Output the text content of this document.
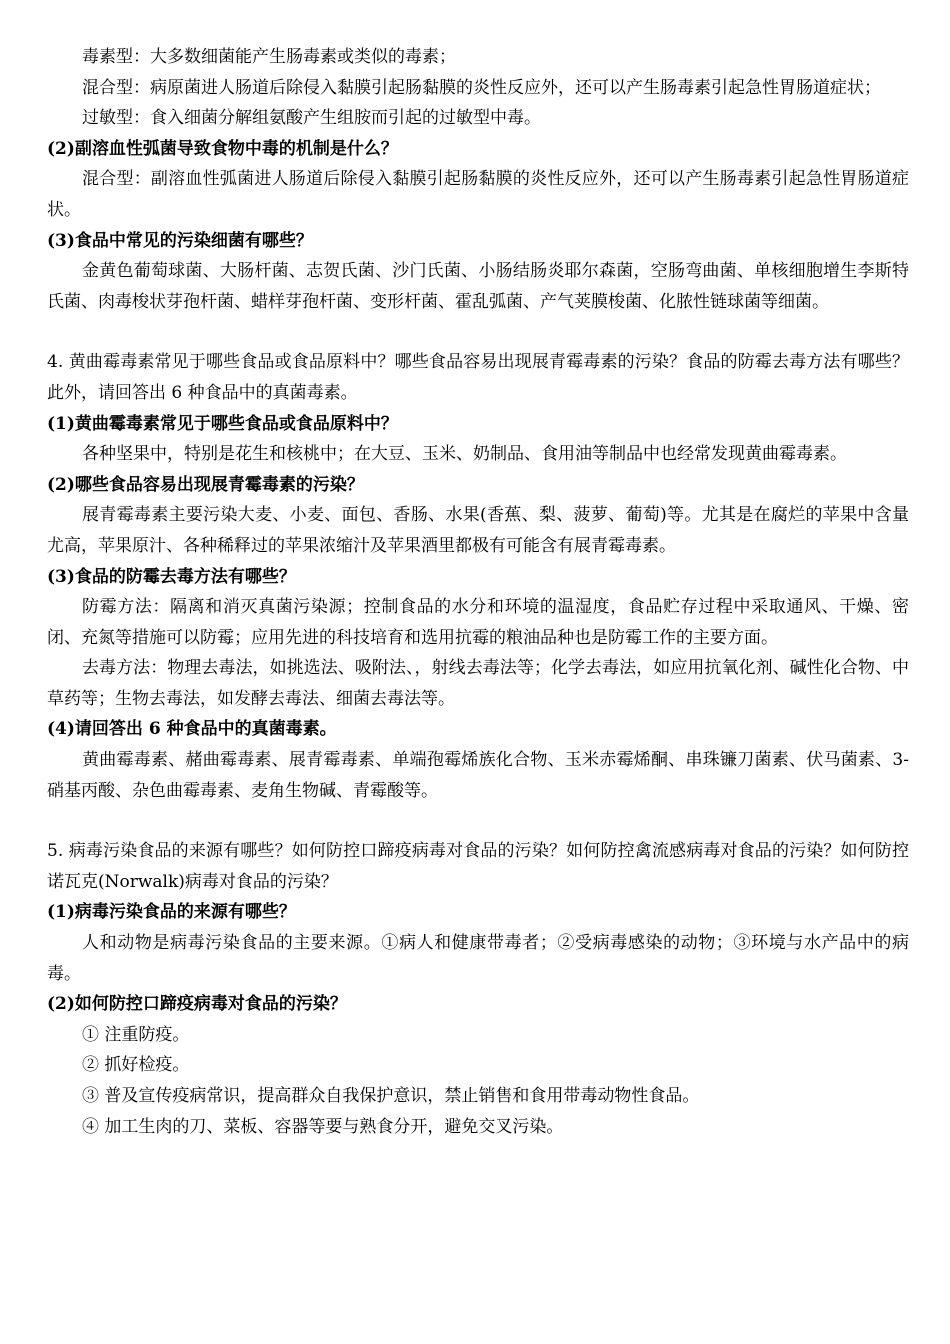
毒素型：大多数细菌能产生肠毒素或类似的毒素；

混合型：病原菌进人肠道后除侵入黏膜引起肠黏膜的炎性反应外，还可以产生肠毒素引起急性胃肠道症状；

过敏型：食入细菌分解组氨酸产生组胺而引起的过敏型中毒。

(2)副溶血性弧菌导致食物中毒的机制是什么？

混合型：副溶血性弧菌进人肠道后除侵入黏膜引起肠黏膜的炎性反应外，还可以产生肠毒素引起急性胃肠道症状。

(3)食品中常见的污染细菌有哪些？

金黄色葡萄球菌、大肠杆菌、志贺氏菌、沙门氏菌、小肠结肠炎耶尔森菌，空肠弯曲菌、单核细胞增生李斯特氏菌、肉毒梭状芽孢杆菌、蜡样芽孢杆菌、变形杆菌、霍乱弧菌、产气荚膜梭菌、化脓性链球菌等细菌。

4. 黄曲霉毒素常见于哪些食品或食品原料中？哪些食品容易出现展青霉毒素的污染？食品的防霉去毒方法有哪些？此外，请回答出 6 种食品中的真菌毒素。

(1)黄曲霉毒素常见于哪些食品或食品原料中？

各种坚果中，特别是花生和核桃中；在大豆、玉米、奶制品、食用油等制品中也经常发现黄曲霉毒素。

(2)哪些食品容易出现展青霉毒素的污染？

展青霉毒素主要污染大麦、小麦、面包、香肠、水果(香蕉、梨、菠萝、葡萄)等。尤其是在腐烂的苹果中含量尤高，苹果原汁、各种稀释过的苹果浓缩汁及苹果酒里都极有可能含有展青霉毒素。

(3)食品的防霉去毒方法有哪些？

防霉方法：隔离和消灭真菌污染源；控制食品的水分和环境的温湿度，食品贮存过程中采取通风、干燥、密闭、充氮等措施可以防霉；应用先进的科技培育和选用抗霉的粮油品种也是防霉工作的主要方面。

去毒方法：物理去毒法，如挑选法、吸附法、，射线去毒法等；化学去毒法，如应用抗氧化剂、碱性化合物、中草药等；生物去毒法，如发酵去毒法、细菌去毒法等。

(4)请回答出 6 种食品中的真菌毒素。

黄曲霉毒素、赭曲霉毒素、展青霉毒素、单端孢霉烯族化合物、玉米赤霉烯酮、串珠镰刀菌素、伏马菌素、3-硝基丙酸、杂色曲霉毒素、麦角生物碱、青霉酸等。

5. 病毒污染食品的来源有哪些？如何防控口蹄疫病毒对食品的污染？如何防控禽流感病毒对食品的污染？如何防控诺瓦克(Norwalk)病毒对食品的污染？

(1)病毒污染食品的来源有哪些？

人和动物是病毒污染食品的主要来源。①病人和健康带毒者；②受病毒感染的动物；③环境与水产品中的病毒。

(2)如何防控口蹄疫病毒对食品的污染？

① 注重防疫。

② 抓好检疫。

③ 普及宣传疫病常识，提高群众自我保护意识，禁止销售和食用带毒动物性食品。

④ 加工生肉的刀、菜板、容器等要与熟食分开，避免交叉污染。
